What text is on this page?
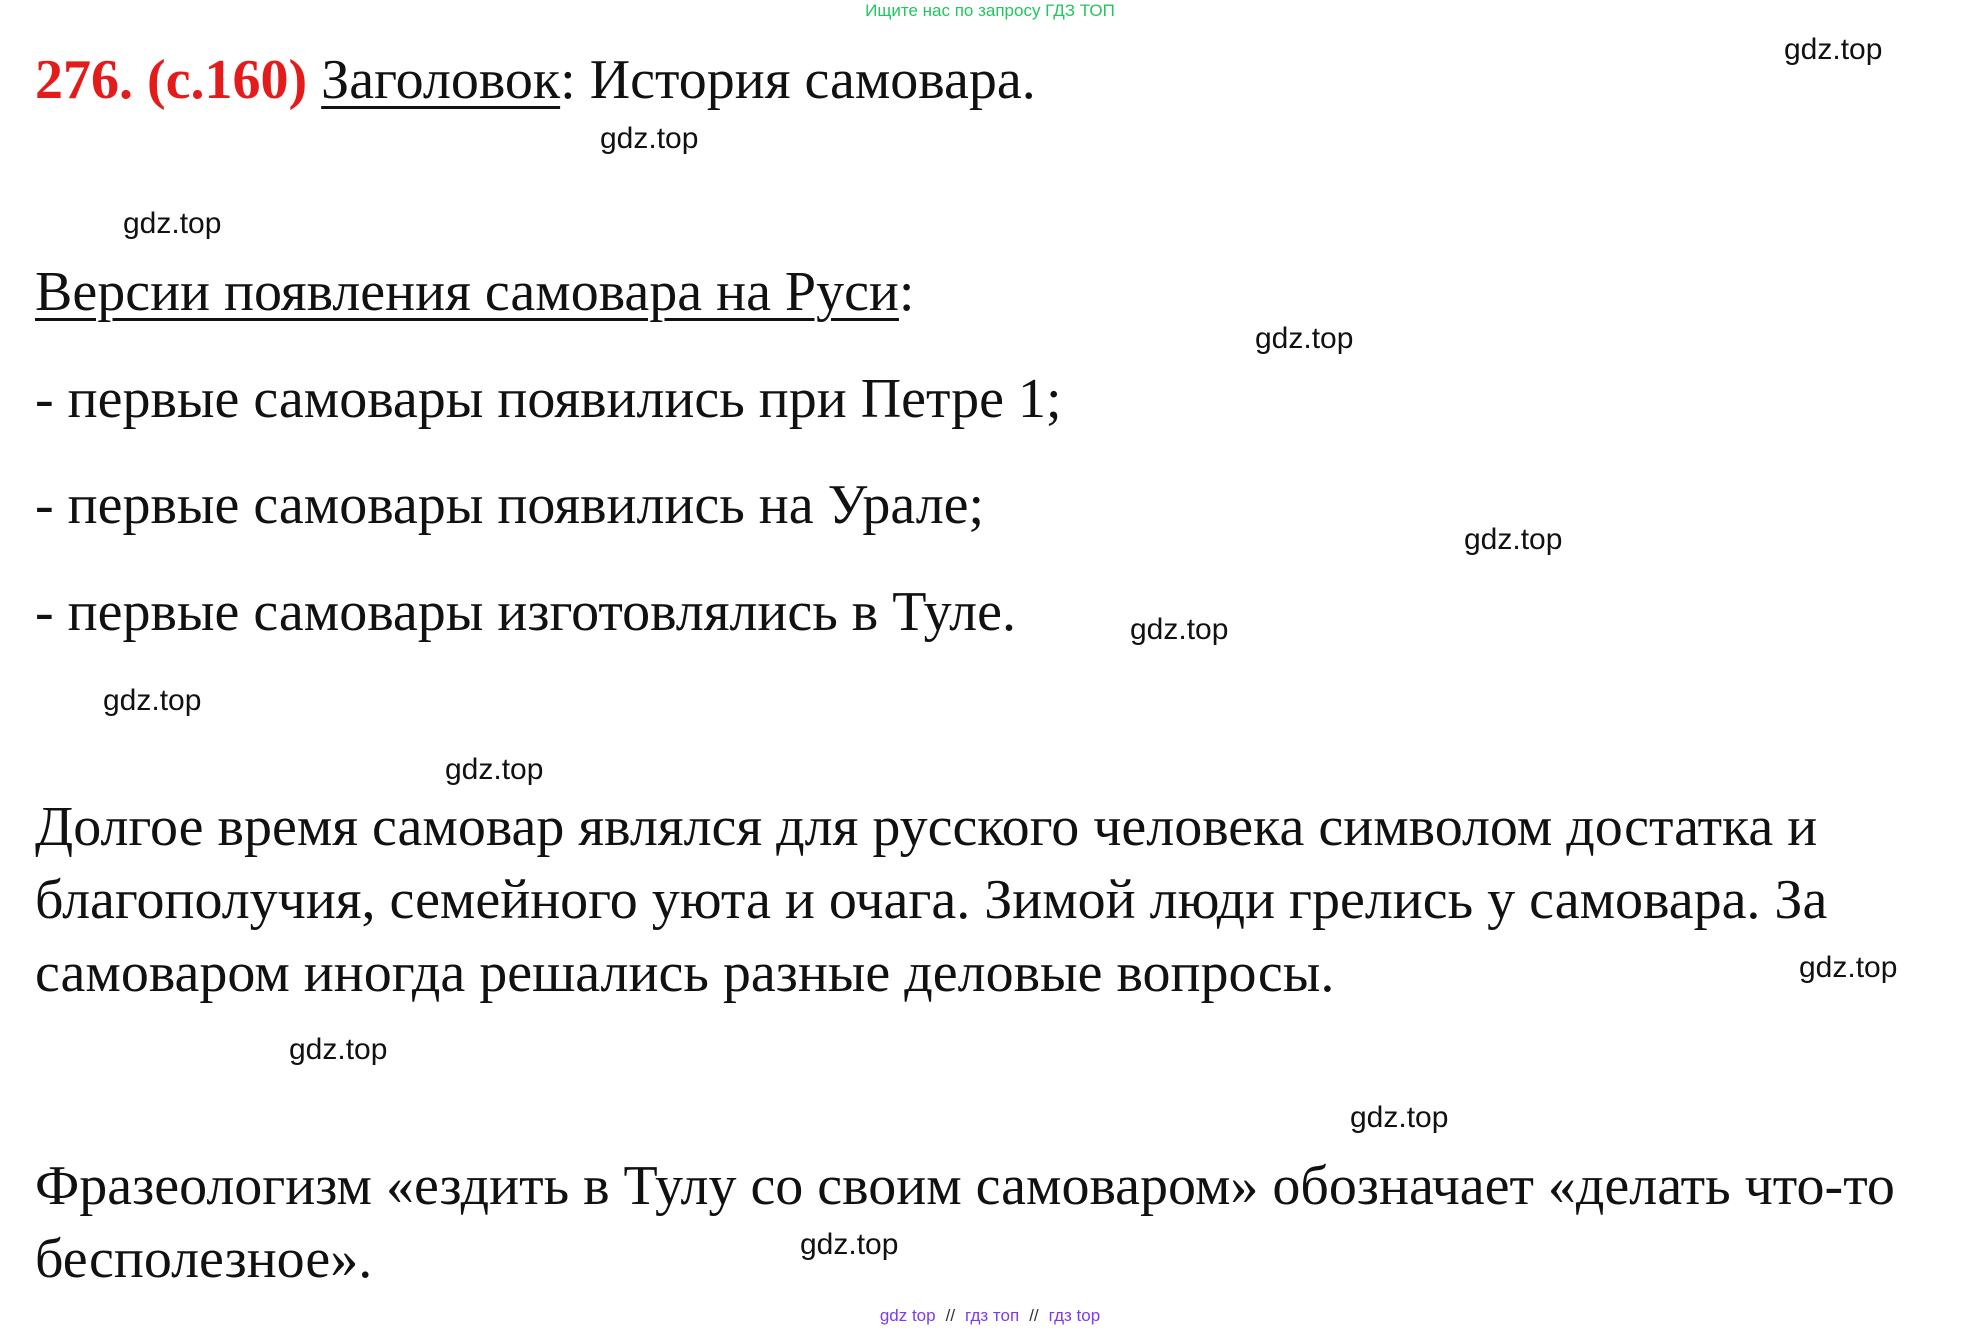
Ищите нас по запросу ГДЗ ТОП
276. (с.160) Заголовок: История самовара.
Версии появления самовара на Руси:
- первые самовары появились при Петре 1;
- первые самовары появились на Урале;
- первые самовары изготовлялись в Туле.
Долгое время самовар являлся для русского человека символом достатка и благополучия, семейного уюта и очага. Зимой люди грелись у самовара. За самоваром иногда решались разные деловые вопросы.
Фразеологизм «ездить в Тулу со своим самоваром» обозначает «делать что-то бесполезное».
gdz.top
gdz.top
gdz.top
gdz.top
gdz.top
gdz.top
gdz.top
gdz.top
gdz.top
gdz.top
gdz.top
gdz.top
gdz top // гдз топ // гдз top
